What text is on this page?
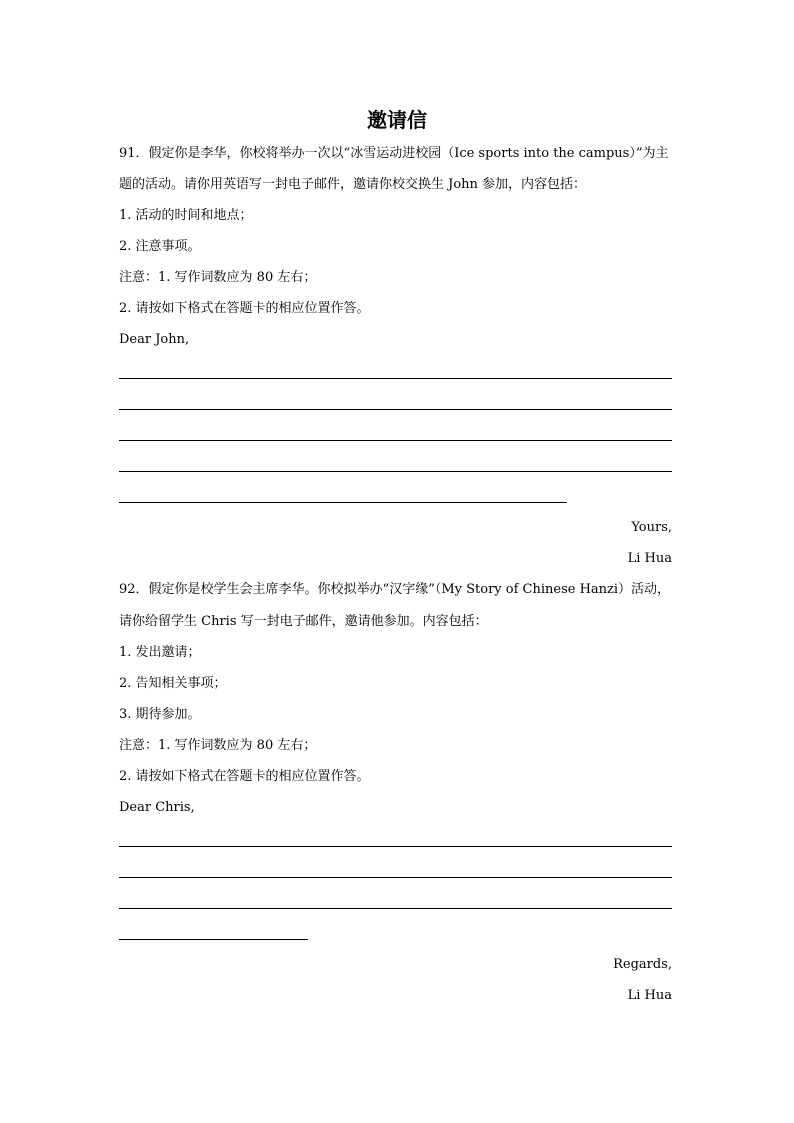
邀请信
91．假定你是李华，你校将举办一次以“冰雪运动进校园（Ice sports into the campus）”为主
题的活动。请你用英语写一封电子邮件，邀请你校交换生 John 参加，内容包括：
1. 活动的时间和地点；
2. 注意事项。
注意：1. 写作词数应为 80 左右；
2. 请按如下格式在答题卡的相应位置作答。
Dear John,
Yours,
Li Hua
92．假定你是校学生会主席李华。你校拟举办“汉字缘”（My Story of Chinese Hanzi）活动，
请你给留学生 Chris 写一封电子邮件，邀请他参加。内容包括：
1. 发出邀请；
2. 告知相关事项；
3. 期待参加。
注意：1. 写作词数应为 80 左右；
2. 请按如下格式在答题卡的相应位置作答。
Dear Chris,
Regards,
Li Hua
